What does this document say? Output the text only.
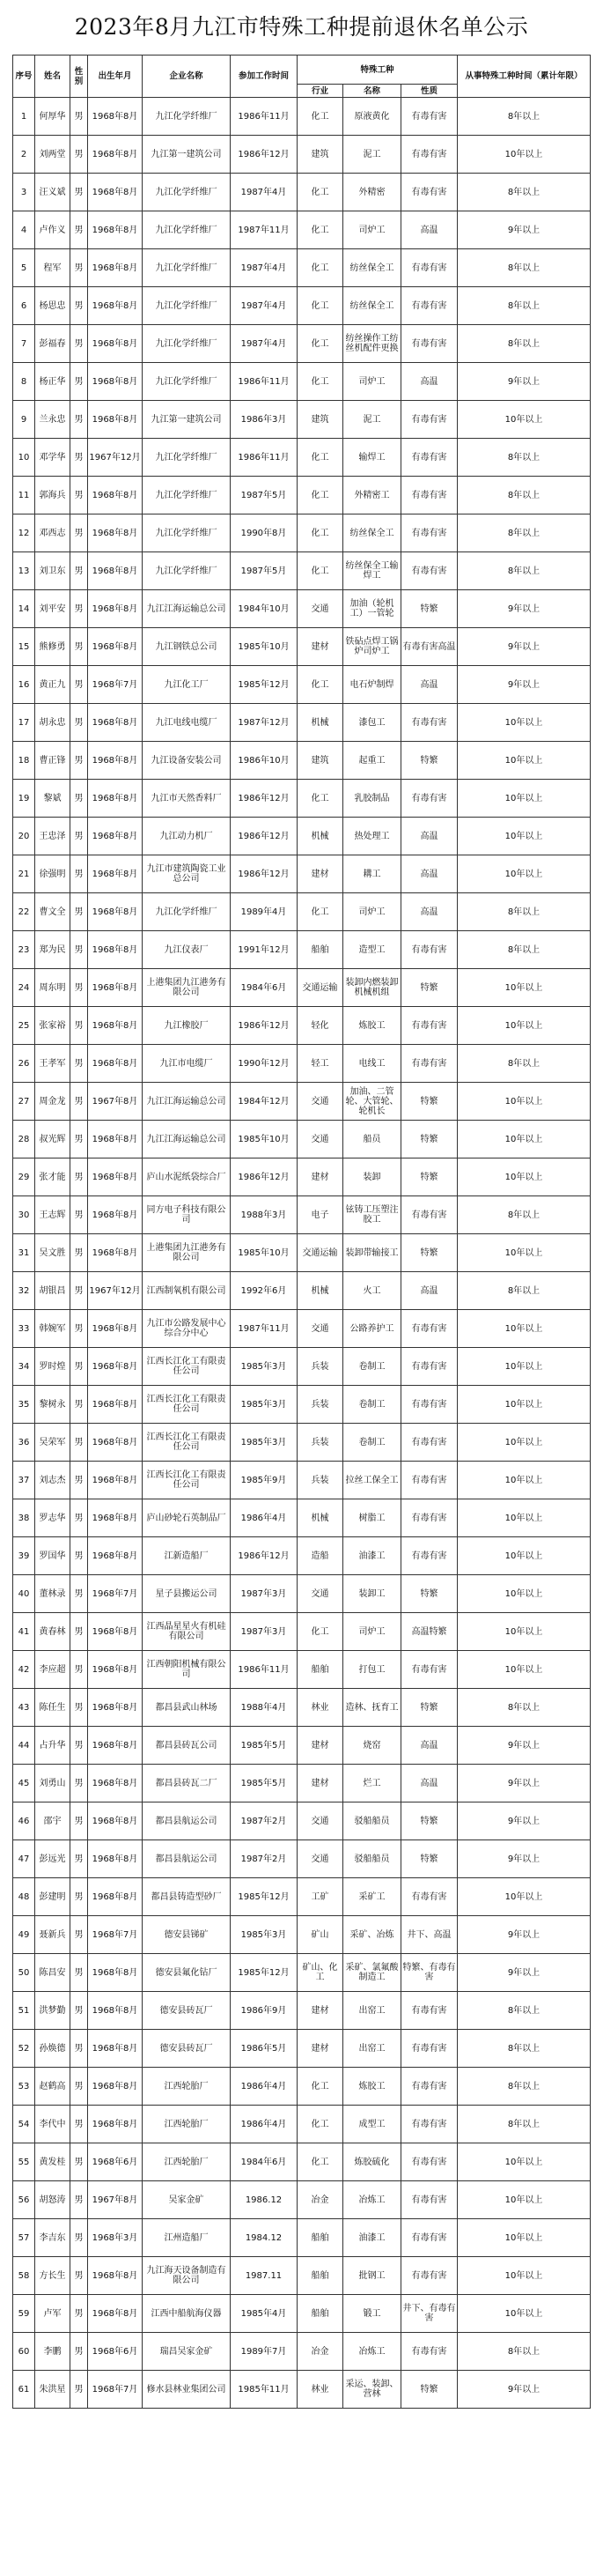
2023年8月九江市特殊工种提前退休名单公示
序号	姓名	性别	出生年月	企业名称	参加工作时间	特殊工种			从事特殊工种时间（累计年限）
						行业	名称	性质	
1	何厚华	男	1968年8月	九江化学纤维厂	1986年11月	化工	原液黄化	有毒有害	8年以上
2	刘两堂	男	1968年8月	九江第一建筑公司	1986年12月	建筑	泥工	有毒有害	10年以上
3	汪义斌	男	1968年8月	九江化学纤维厂	1987年4月	化工	外精密	有毒有害	8年以上
4	卢作义	男	1968年8月	九江化学纤维厂	1987年11月	化工	司炉工	高温	9年以上
5	程军	男	1968年8月	九江化学纤维厂	1987年4月	化工	纺丝保全工	有毒有害	8年以上
6	杨思忠	男	1968年8月	九江化学纤维厂	1987年4月	化工	纺丝保全工	有毒有害	8年以上
7	彭福春	男	1968年8月	九江化学纤维厂	1987年4月	化工	纺丝操作工纺丝机配件更换	有毒有害	8年以上
8	杨正华	男	1968年8月	九江化学纤维厂	1986年11月	化工	司炉工	高温	9年以上
9	兰永忠	男	1968年8月	九江第一建筑公司	1986年3月	建筑	泥工	有毒有害	10年以上
10	邓学华	男	1967年12月	九江化学纤维厂	1986年11月	化工	输焊工	有毒有害	8年以上
11	郭海兵	男	1968年8月	九江化学纤维厂	1987年5月	化工	外精密工	有毒有害	8年以上
12	邓西志	男	1968年8月	九江化学纤维厂	1990年8月	化工	纺丝保全工	有毒有害	8年以上
13	刘卫东	男	1968年8月	九江化学纤维厂	1987年5月	化工	纺丝保全工输焊工	有毒有害	8年以上
14	刘平安	男	1968年8月	九江江海运输总公司	1984年10月	交通	加油（轮机工）一管轮	特繁	9年以上
15	熊修勇	男	1968年8月	九江钢铁总公司	1985年10月	建材	铁砧点焊工锅炉司炉工	有毒有害高温	9年以上
16	黄正九	男	1968年7月	九江化工厂	1985年12月	化工	电石炉制焊	高温	9年以上
17	胡永忠	男	1968年8月	九江电线电缆厂	1987年12月	机械	漆包工	有毒有害	10年以上
18	曹正锋	男	1968年8月	九江设备安装公司	1986年10月	建筑	起重工	特繁	10年以上
19	黎斌	男	1968年8月	九江市天然香料厂	1986年12月	化工	乳胶制品	有毒有害	10年以上
20	王忠泽	男	1968年8月	九江动力机厂	1986年12月	机械	热处理工	高温	10年以上
21	徐强明	男	1968年8月	九江市建筑陶瓷工业总公司	1986年12月	建材	耩工	高温	10年以上
22	曹文全	男	1968年8月	九江化学纤维厂	1989年4月	化工	司炉工	高温	8年以上
23	郑为民	男	1968年8月	九江仪表厂	1991年12月	船舶	造型工	有毒有害	8年以上
24	周东明	男	1968年8月	上港集团九江港务有限公司	1984年6月	交通运输	装卸内燃装卸机械机组	特繁	10年以上
25	张家裕	男	1968年8月	九江橡胶厂	1986年12月	轻化	炼胶工	有毒有害	10年以上
26	王孝军	男	1968年8月	九江市电缆厂	1990年12月	轻工	电线工	有毒有害	8年以上
27	周金龙	男	1967年8月	九江江海运输总公司	1984年12月	交通	加油、二管轮、大管轮、轮机长	特繁	10年以上
28	叔光辉	男	1968年8月	九江江海运输总公司	1985年10月	交通	船员	特繁	10年以上
29	张才能	男	1968年8月	庐山水泥纸袋综合厂	1986年12月	建材	装卸	特繁	10年以上
30	王志辉	男	1968年8月	同方电子科技有限公司	1988年3月	电子	铉铸工压塑注胶工	有毒有害	8年以上
31	吴文胜	男	1968年8月	上港集团九江港务有限公司	1985年10月	交通运输	装卸带输接工	特繁	10年以上
32	胡银昌	男	1967年12月	江西制氧机有限公司	1992年6月	机械	火工	高温	8年以上
33	韩婉军	男	1968年8月	九江市公路发展中心综合分中心	1987年11月	交通	公路养护工	有毒有害	10年以上
34	罗时煌	男	1968年8月	江西长江化工有限责任公司	1985年3月	兵装	卷制工	有毒有害	10年以上
35	黎树永	男	1968年8月	江西长江化工有限责任公司	1985年3月	兵装	卷制工	有毒有害	10年以上
36	吴荣军	男	1968年8月	江西长江化工有限责任公司	1985年3月	兵装	卷制工	有毒有害	10年以上
37	刘志杰	男	1968年8月	江西长江化工有限责任公司	1985年9月	兵装	拉丝工保全工	有毒有害	10年以上
38	罗志华	男	1968年8月	庐山砂轮石英制品厂	1986年4月	机械	树脂工	有毒有害	10年以上
39	罗国华	男	1968年8月	江新造船厂	1986年12月	造船	油漆工	有毒有害	10年以上
40	董林录	男	1968年7月	星子县搬运公司	1987年3月	交通	装卸工	特繁	10年以上
41	黄春林	男	1968年8月	江西晶星星火有机硅有限公司	1987年3月	化工	司炉工	高温特繁	10年以上
42	李应超	男	1968年8月	江西朝阳机械有限公司	1986年11月	船舶	打包工	有毒有害	10年以上
43	陈任生	男	1968年8月	都昌县武山林场	1988年4月	林业	造林、抚育工	特繁	8年以上
44	占升华	男	1968年8月	都昌县砖瓦公司	1985年5月	建材	烧窑	高温	9年以上
45	刘勇山	男	1968年8月	都昌县砖瓦二厂	1985年5月	建材	烂工	高温	9年以上
46	邵宇	男	1968年8月	都昌县航运公司	1987年2月	交通	驳船船员	特繁	9年以上
47	彭远光	男	1968年8月	都昌县航运公司	1987年2月	交通	驳船船员	特繁	9年以上
48	彭建明	男	1968年8月	都昌县铸造型砂厂	1985年12月	工矿	采矿工	有毒有害	10年以上
49	聂新兵	男	1968年7月	德安县锑矿	1985年3月	矿山	采矿、冶炼	井下、高温	9年以上
50	陈昌安	男	1968年8月	德安县氟化钻厂	1985年12月	矿山、化工	采矿、氯氟酸制造工	特繁、有毒有害	9年以上
51	洪梦勤	男	1968年8月	德安县砖瓦厂	1986年9月	建材	出窑工	有毒有害	8年以上
52	孙焕德	男	1968年8月	德安县砖瓦厂	1986年5月	建材	出窑工	有毒有害	8年以上
53	赵鹤高	男	1968年8月	江西轮胎厂	1986年4月	化工	炼胶工	有毒有害	8年以上
54	李代中	男	1968年8月	江西轮胎厂	1986年4月	化工	成型工	有毒有害	8年以上
55	黄发桂	男	1968年6月	江西轮胎厂	1984年6月	化工	炼胶硫化	有毒有害	10年以上
56	胡怒涛	男	1967年8月	吴家金矿	1986.12	冶金	冶炼工	有毒有害	10年以上
57	李吉东	男	1968年3月	江州造船厂	1984.12	船舶	油漆工	有毒有害	10年以上
58	方长生	男	1968年8月	九江海天设备制造有限公司	1987.11	船舶	批钢工	有毒有害	10年以上
59	卢军	男	1968年8月	江西中船航海仪器	1985年4月	船舶	锻工	井下、有毒有害	10年以上
60	李鹏	男	1968年6月	瑞昌吴家金矿	1989年7月	冶金	冶炼工	有毒有害	8年以上
61	朱洪星	男	1968年7月	修水县林业集团公司	1985年11月	林业	采运、装卸、营林	特繁	9年以上
